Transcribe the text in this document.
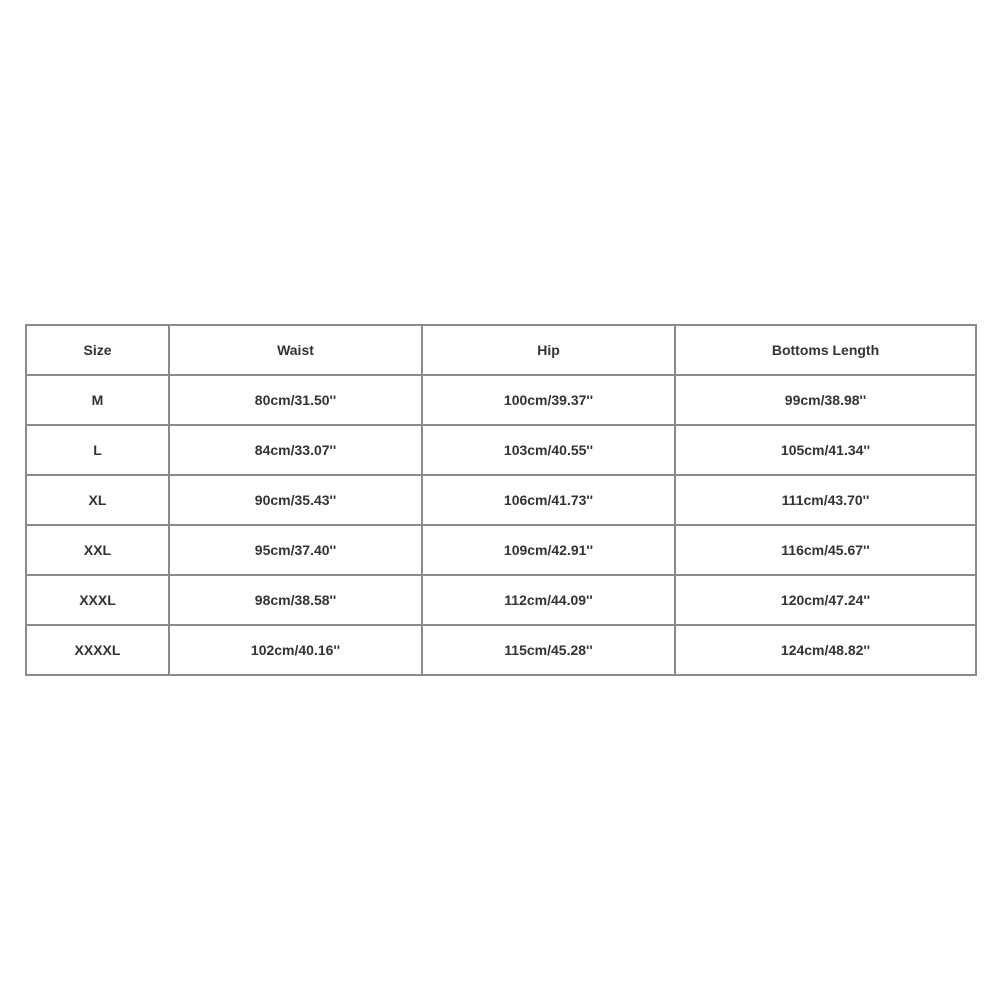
Size	Waist	Hip	Bottoms Length
M	80cm/31.50''	100cm/39.37''	99cm/38.98''
L	84cm/33.07''	103cm/40.55''	105cm/41.34''
XL	90cm/35.43''	106cm/41.73''	111cm/43.70''
XXL	95cm/37.40''	109cm/42.91''	116cm/45.67''
XXXL	98cm/38.58''	112cm/44.09''	120cm/47.24''
XXXXL	102cm/40.16''	115cm/45.28''	124cm/48.82''
